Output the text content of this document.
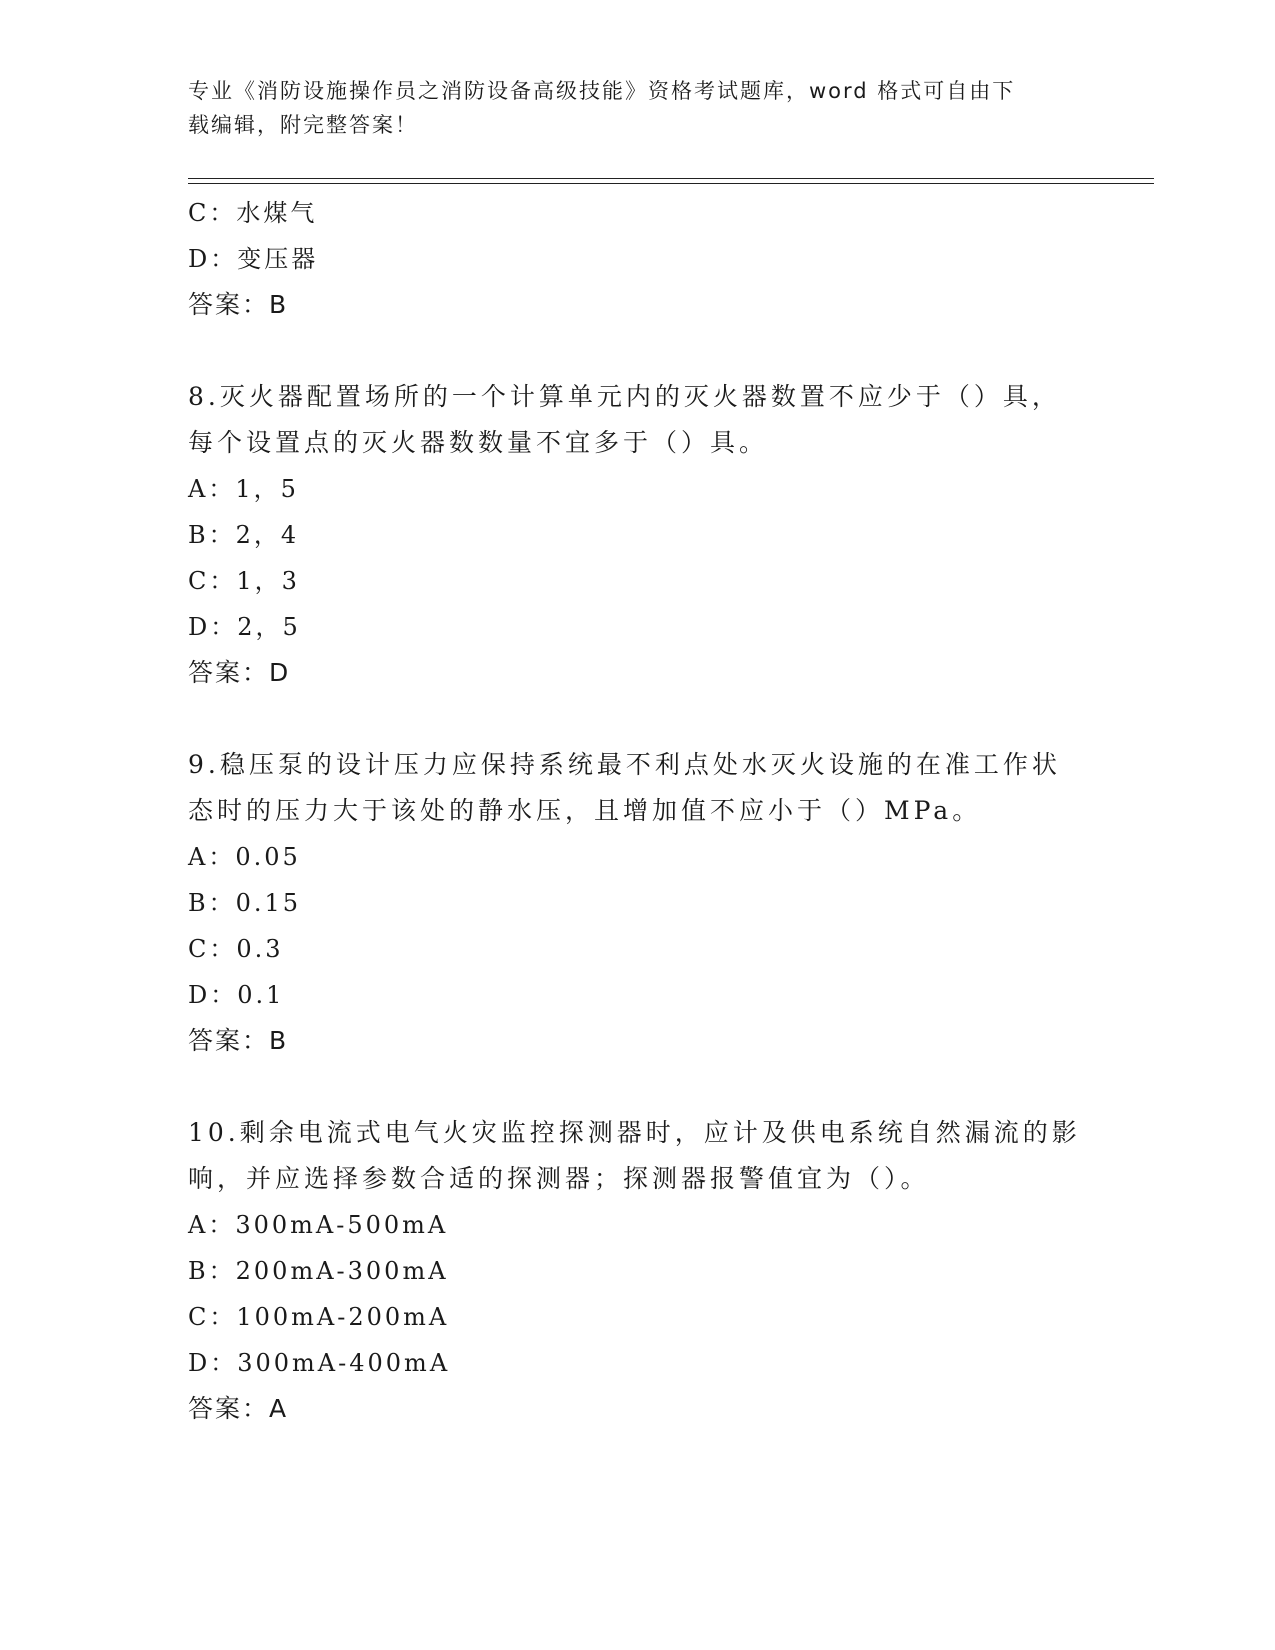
专业《消防设施操作员之消防设备高级技能》资格考试题库，word 格式可自由下
载编辑，附完整答案！
C：水煤气
D：变压器
答案：B
8.灭火器配置场所的一个计算单元内的灭火器数置不应少于（）具，
每个设置点的灭火器数数量不宜多于（）具。
A：1，5
B：2，4
C：1，3
D：2，5
答案：D
9.稳压泵的设计压力应保持系统最不利点处水灭火设施的在准工作状
态时的压力大于该处的静水压，且增加值不应小于（）MPa。
A：0.05
B：0.15
C：0.3
D：0.1
答案：B
10.剩余电流式电气火灾监控探测器时，应计及供电系统自然漏流的影
响，并应选择参数合适的探测器；探测器报警值宜为（）。
A：300mA-500mA
B：200mA-300mA
C：100mA-200mA
D：300mA-400mA
答案：A
